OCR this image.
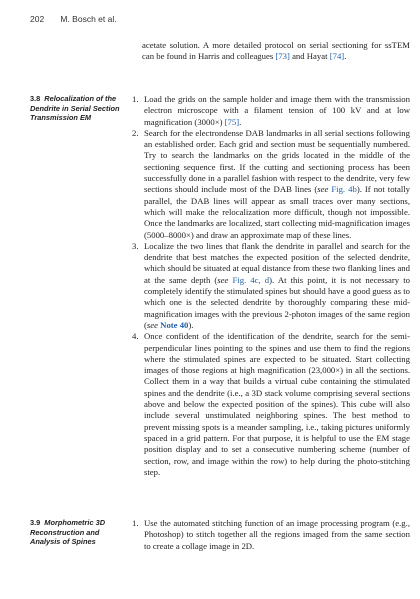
202 M. Bosch et al.
acetate solution. A more detailed protocol on serial sectioning for ssTEM can be found in Harris and colleagues [73] and Hayat [74].
3.8 Relocalization of the Dendrite in Serial Section Transmission EM
1. Load the grids on the sample holder and image them with the transmission electron microscope with a filament tension of 100 kV and at low magnification (3000×) [75].
2. Search for the electrondense DAB landmarks in all serial sections following an established order. Each grid and section must be sequentially numbered. Try to search the landmarks on the grids located in the middle of the sectioning sequence first. If the cutting and sectioning process has been successfully done in a parallel fashion with respect to the dendrite, very few sections should include most of the DAB lines (see Fig. 4b). If not totally parallel, the DAB lines will appear as small traces over many sections, which will make the relocalization more difficult, though not impossible. Once the landmarks are localized, start collecting mid-magnification images (5000–8000×) and draw an approximate map of these lines.
3. Localize the two lines that flank the dendrite in parallel and search for the dendrite that best matches the expected position of the selected dendrite, which should be situated at equal distance from these two flanking lines and at the same depth (see Fig. 4c, d). At this point, it is not necessary to completely identify the stimulated spines but should have a good guess as to which one is the selected dendrite by thoroughly comparing these mid-magnification images with the previous 2-photon images of the same region (see Note 40).
4. Once confident of the identification of the dendrite, search for the semi-perpendicular lines pointing to the spines and use them to find the regions where the stimulated spines are expected to be situated. Start collecting images of those regions at high magnification (23,000×) in all the sections. Collect them in a way that builds a virtual cube containing the stimulated spines and the dendrite (i.e., a 3D stack volume comprising several sections above and below the expected position of the spines). This cube will also include several unstimulated neighboring spines. The best method to prevent missing spots is a meander sampling, i.e., taking pictures uniformly spaced in a grid pattern. For that purpose, it is helpful to use the EM stage position display and to set a consecutive numbering scheme (number of section, row, and image within the row) to help during the photo-stitching step.
3.9 Morphometric 3D Reconstruction and Analysis of Spines
1. Use the automated stitching function of an image processing program (e.g., Photoshop) to stitch together all the regions imaged from the same section to create a collage image in 2D.
